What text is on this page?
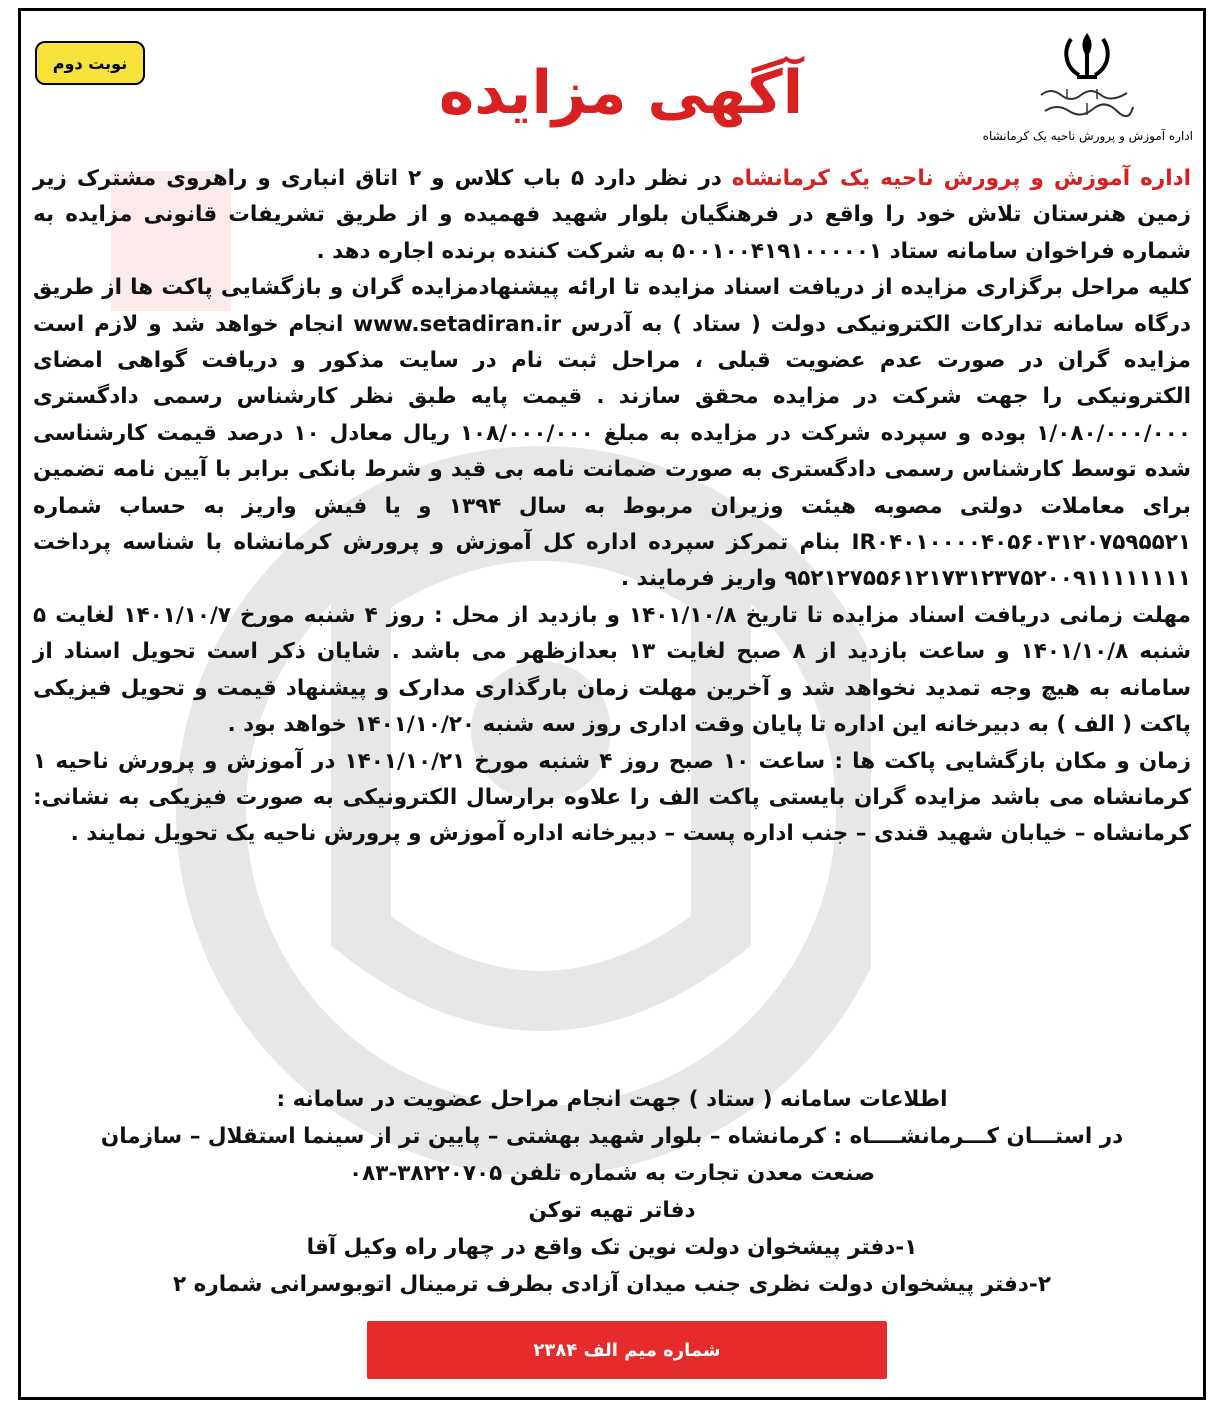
نوبت دوم	آگهی مزایده
اداره آموزش و پرورش ناحیه یک کرمانشاه

اداره آموزش و پرورش ناحیه یک کرمانشاه در نظر دارد ۵ باب کلاس و ۲ اتاق انباری و راهروی مشترک زیر زمین هنرستان تلاش خود را واقع در فرهنگیان بلوار شهید فهمیده و از طریق تشریفات قانونی مزایده به شماره فراخوان سامانه ستاد ۵۰۰۱۰۰۴۱۹۱۰۰۰۰۰۱ به شرکت کننده برنده اجاره دهد .

کلیه مراحل برگزاری مزایده از دریافت اسناد مزایده تا ارائه پیشنهادمزایده گران و بازگشایی پاکت ها از طریق درگاه سامانه تدارکات الکترونیکی دولت ( ستاد ) به آدرس www.setadiran.ir انجام خواهد شد و لازم است مزایده گران در صورت عدم عضویت قبلی ، مراحل ثبت نام در سایت مذکور و دریافت گواهی امضای الکترونیکی را جهت شرکت در مزایده محقق سازند . قیمت پایه طبق نظر کارشناس رسمی دادگستری ۱/۰۸۰/۰۰۰/۰۰۰ بوده و سپرده شرکت در مزایده به مبلغ ۱۰۸/۰۰۰/۰۰۰ ریال معادل ۱۰ درصد قیمت کارشناسی شده توسط کارشناس رسمی دادگستری به صورت ضمانت نامه بی قید و شرط بانکی برابر با آیین نامه تضمین برای معاملات دولتی مصوبه هیئت وزیران مربوط به سال ۱۳۹۴ و یا فیش واریز به حساب شماره IR۰۴۰۱۰۰۰۰۴۰۵۶۰۳۱۲۰۷۵۹۵۵۲۱ بنام تمرکز سپرده اداره کل آموزش و پرورش کرمانشاه با شناسه پرداخت ۹۵۲۱۲۷۵۵۶۱۲۱۷۳۱۲۳۷۵۲۰۰۹۱۱۱۱۱۱۱۱ واریز فرمایند .

مهلت زمانی دریافت اسناد مزایده تا تاریخ ۱۴۰۱/۱۰/۸ و بازدید از محل : روز ۴ شنبه مورخ ۱۴۰۱/۱۰/۷ لغایت ۵ شنبه ۱۴۰۱/۱۰/۸ و ساعت بازدید از ۸ صبح لغایت ۱۳ بعدازظهر می باشد . شایان ذکر است تحویل اسناد از سامانه به هیچ وجه تمدید نخواهد شد و آخرین مهلت زمان بارگذاری مدارک و پیشنهاد قیمت و تحویل فیزیکی پاکت ( الف ) به دبیرخانه این اداره تا پایان وقت اداری روز سه شنبه ۱۴۰۱/۱۰/۲۰ خواهد بود .

زمان و مکان بازگشایی پاکت ها : ساعت ۱۰ صبح روز ۴ شنبه مورخ ۱۴۰۱/۱۰/۲۱ در آموزش و پرورش ناحیه ۱ کرمانشاه می باشد مزایده گران بایستی پاکت الف را علاوه برارسال الکترونیکی به صورت فیزیکی به نشانی: کرمانشاه – خیابان شهید قندی – جنب اداره پست – دبیرخانه اداره آموزش و پرورش ناحیه یک تحویل نمایند .

اطلاعات سامانه ( ستاد ) جهت انجام مراحل عضویت در سامانه :

در استـــان کـــرمانشــــاه : کرمانشاه – بلوار شهید بهشتی – پایین تر از سینما استقلال – سازمان

صنعت معدن تجارت به شماره تلفن ۳۸۲۲۰۷۰۵-۰۸۳

دفاتر تهیه توکن

۱-دفتر پیشخوان دولت نوین تک واقع در چهار راه وکیل آقا

۲-دفتر پیشخوان دولت نظری جنب میدان آزادی بطرف ترمینال اتوبوسرانی شماره ۲

شماره میم الف ۲۳۸۴
